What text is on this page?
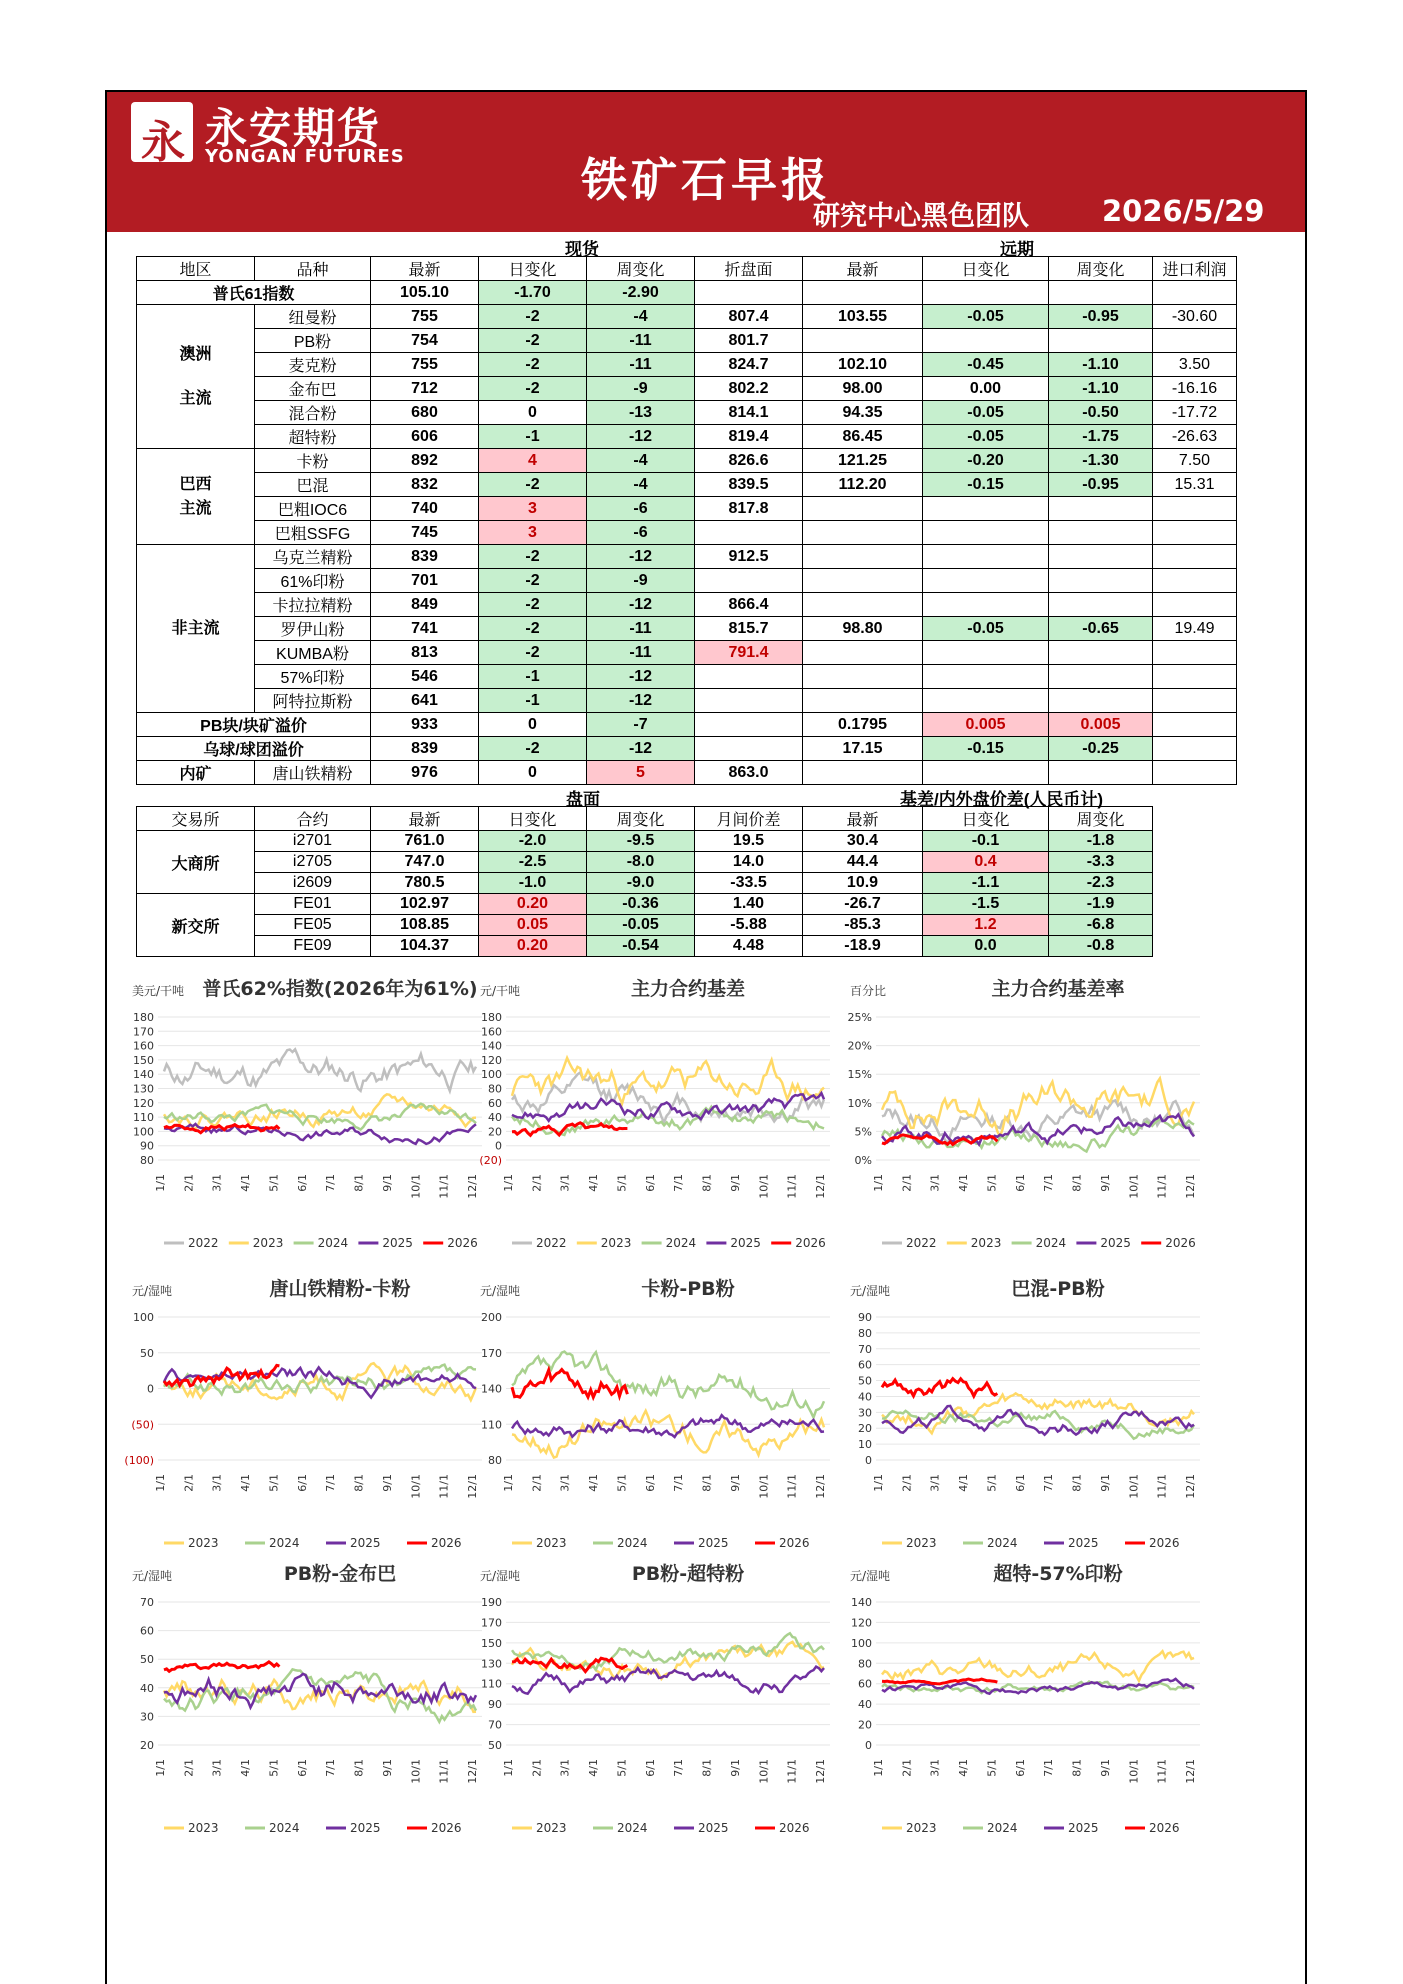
永 永安期货
YONGAN FUTURES	铁矿石早报
研究中心黑色团队	2026/5/29
现货	远期
地区	品种	最新	日变化	周变化	折盘面	最新	日变化	周变化	进口利润
普氏61指数		105.10	-1.70	-2.90					

澳洲
主流	纽曼粉	755	-2	-4	807.4	103.55	-0.05	-0.95	-30.60
	PB粉	754	-2	-11	801.7				
	麦克粉	755	-2	-11	824.7	102.10	-0.45	-1.10	3.50
	金布巴	712	-2	-9	802.2	98.00	0.00	-1.10	-16.16
	混合粉	680	0	-13	814.1	94.35	-0.05	-0.50	-17.72
	超特粉	606	-1	-12	819.4	86.45	-0.05	-1.75	-26.63

巴西
主流	卡粉	892	4	-4	826.6	121.25	-0.20	-1.30	7.50
	巴混	832	-2	-4	839.5	112.20	-0.15	-0.95	15.31
	巴粗IOC6	740	3	-6	817.8				
	巴粗SSFG	745	3	-6					
非主流	乌克兰精粉	839	-2	-12	912.5				
	61%印粉	701	-2	-9					
	卡拉拉精粉	849	-2	-12	866.4				
	罗伊山粉	741	-2	-11	815.7	98.80	-0.05	-0.65	19.49
	KUMBA粉	813	-2	-11	791.4				
	57%印粉	546	-1	-12					
	阿特拉斯粉	641	-1	-12					
PB块/块矿溢价		933	0	-7		0.1795	0.005	0.005	
乌球/球团溢价		839	-2	-12		17.15	-0.15	-0.25	
内矿	唐山铁精粉	976	0	5	863.0				
盘面	基差/内外盘价差(人民币计)
交易所	合约	最新	日变化	周变化	月间价差	最新	日变化	周变化
大商所	i2701	761.0	-2.0	-9.5	19.5	30.4	-0.1	-1.8
	i2705	747.0	-2.5	-8.0	14.0	44.4	0.4	-3.3
	i2609	780.5	-1.0	-9.0	-33.5	10.9	-1.1	-2.3
新交所	FE01	102.97	0.20	-0.36	1.40	-26.7	-1.5	-1.9
	FE05	108.85	0.05	-0.05	-5.88	-85.3	1.2	-6.8
	FE09	104.37	0.20	-0.54	4.48	-18.9	0.0	-0.8
美元/干吨 普氏62%指数(2026年为61%)
180
170
160
150
140
130
120
110
100
90
80
1/1 2/1 3/1 4/1 5/1 6/1 7/1 8/1 9/1 10/1 11/1 12/1
2022	2023	2024	2025	2026
元/干吨	主力合约基差
180
160
140
120
100
80
60
40
20
0
(20)
1/1 2/1 3/1 4/1 5/1 6/1 7/1 8/1 9/1 10/1 11/1 12/1
2022	2023	2024	2025	2026
百分比	主力合约基差率
25%
20%
15%
10%
5%
0%
1/1 2/1 3/1 4/1 5/1 6/1 7/1 8/1 9/1 10/1 11/1 12/1
2022	2023	2024	2025	2026
元/湿吨	唐山铁精粉-卡粉
100
50
0
(50)
(100)
1/1 2/1 3/1 4/1 5/1 6/1 7/1 8/1 9/1 10/1 11/1 12/1
2023	2024	2025	2026
元/湿吨	卡粉-PB粉
200
170
140
110
80
1/1 2/1 3/1 4/1 5/1 6/1 7/1 8/1 9/1 10/1 11/1 12/1
2023	2024	2025	2026
元/湿吨	巴混-PB粉
90
80
70
60
50
40
30
20
10
0
1/1 2/1 3/1 4/1 5/1 6/1 7/1 8/1 9/1 10/1 11/1 12/1
2023	2024	2025	2026
元/湿吨	PB粉-金布巴
70
60
50
40
30
20
1/1 2/1 3/1 4/1 5/1 6/1 7/1 8/1 9/1 10/1 11/1 12/1
2023	2024	2025	2026
元/湿吨	PB粉-超特粉
190
170
150
130
110
90
70
50
1/1 2/1 3/1 4/1 5/1 6/1 7/1 8/1 9/1 10/1 11/1 12/1
2023	2024	2025	2026
元/湿吨	超特-57%印粉
140
120
100
80
60
40
20
0
1/1 2/1 3/1 4/1 5/1 6/1 7/1 8/1 9/1 10/1 11/1 12/1
2023	2024	2025	2026
